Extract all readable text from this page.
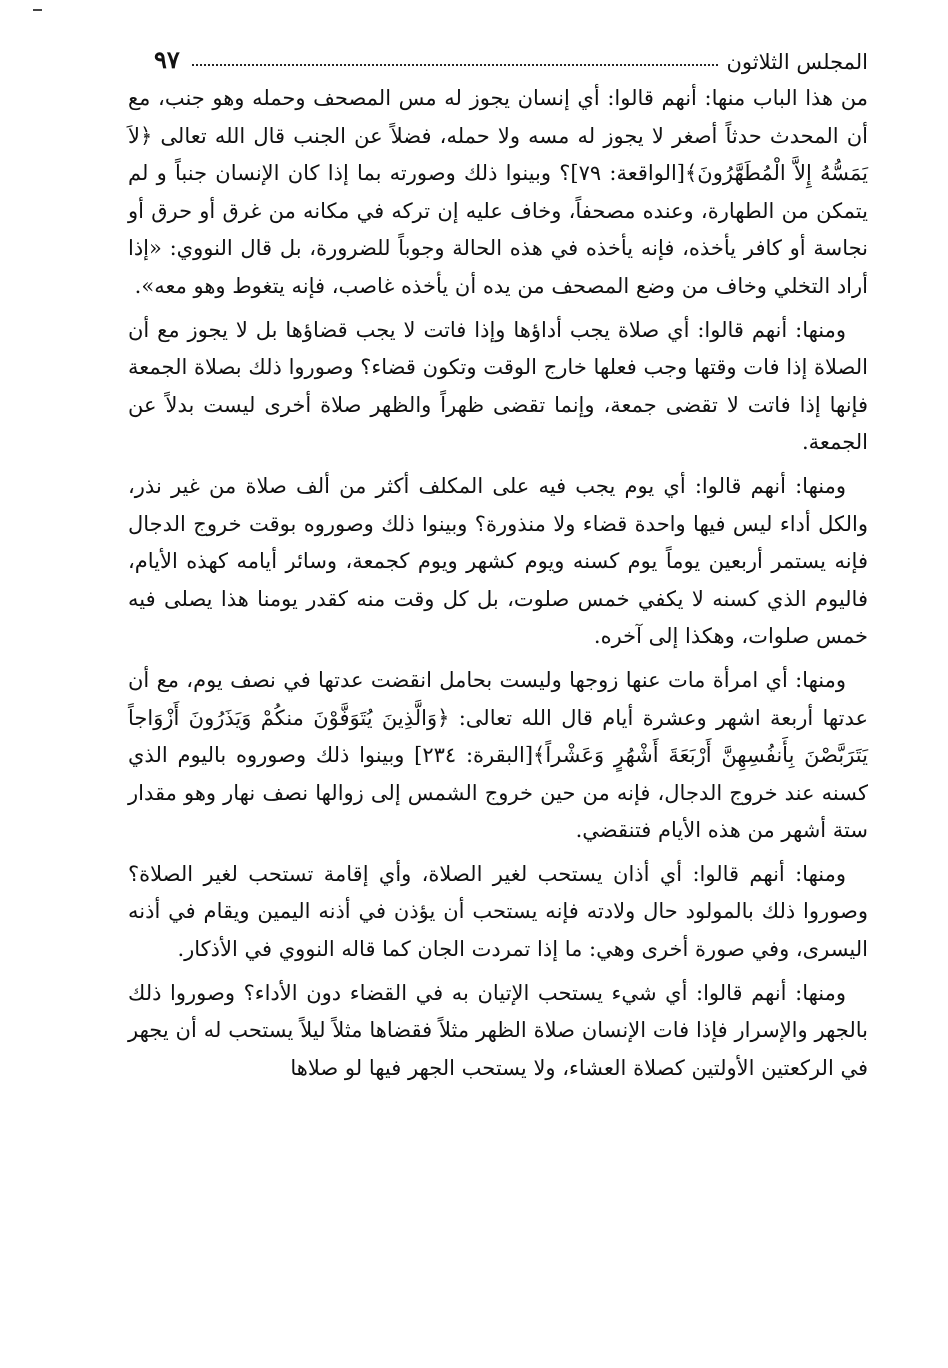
المجلس الثلاثون
٩٧

من هذا الباب منها: أنهم قالوا: أي إنسان يجوز له مس المصحف وحمله وهو جنب، مع أن المحدث حدثاً أصغر لا يجوز له مسه ولا حمله، فضلاً عن الجنب قال الله تعالى ﴿لاَ يَمَسُّهُ إِلاَّ الْمُطَهَّرُونَ﴾[الواقعة: ٧٩]؟ وبينوا ذلك وصورته بما إذا كان الإنسان جنباً و لم يتمكن من الطهارة، وعنده مصحفاً، وخاف عليه إن تركه في مكانه من غرق أو حرق أو نجاسة أو كافر يأخذه، فإنه يأخذه في هذه الحالة وجوباً للضرورة، بل قال النووي: «إذا أراد التخلي وخاف من وضع المصحف من يده أن يأخذه غاصب، فإنه يتغوط وهو معه».

ومنها: أنهم قالوا: أي صلاة يجب أداؤها وإذا فاتت لا يجب قضاؤها بل لا يجوز مع أن الصلاة إذا فات وقتها وجب فعلها خارج الوقت وتكون قضاء؟ وصوروا ذلك بصلاة الجمعة فإنها إذا فاتت لا تقضى جمعة، وإنما تقضى ظهراً والظهر صلاة أخرى ليست بدلاً عن الجمعة.

ومنها: أنهم قالوا: أي يوم يجب فيه على المكلف أكثر من ألف صلاة من غير نذر، والكل أداء ليس فيها واحدة قضاء ولا منذورة؟ وبينوا ذلك وصوروه بوقت خروج الدجال فإنه يستمر أربعين يوماً يوم كسنه ويوم كشهر ويوم كجمعة، وسائر أيامه كهذه الأيام، فاليوم الذي كسنه لا يكفي خمس صلوت، بل كل وقت منه كقدر يومنا هذا يصلى فيه خمس صلوات، وهكذا إلى آخره.

ومنها: أي امرأة مات عنها زوجها وليست بحامل انقضت عدتها في نصف يوم، مع أن عدتها أربعة اشهر وعشرة أيام قال الله تعالى: ﴿وَالَّذِينَ يُتَوَفَّوْنَ منكُمْ وَيَذَرُونَ أَزْوَاجاً يَتَرَبَّصْنَ بِأَنفُسِهِنَّ أَرْبَعَةَ أَشْهُرٍ وَعَشْراً﴾[البقرة: ٢٣٤] وبينوا ذلك وصوروه باليوم الذي كسنه عند خروج الدجال، فإنه من حين خروج الشمس إلى زوالها نصف نهار وهو مقدار ستة أشهر من هذه الأيام فتنقضي.

ومنها: أنهم قالوا: أي أذان يستحب لغير الصلاة، وأي إقامة تستحب لغير الصلاة؟ وصوروا ذلك بالمولود حال ولادته فإنه يستحب أن يؤذن في أذنه اليمين ويقام في أذنه اليسرى، وفي صورة أخرى وهي: ما إذا تمردت الجان كما قاله النووي في الأذكار.

ومنها: أنهم قالوا: أي شيء يستحب الإتيان به في القضاء دون الأداء؟ وصوروا ذلك بالجهر والإسرار فإذا فات الإنسان صلاة الظهر مثلاً فقضاها مثلاً ليلاً يستحب له أن يجهر في الركعتين الأولتين كصلاة العشاء، ولا يستحب الجهر فيها لو صلاها
